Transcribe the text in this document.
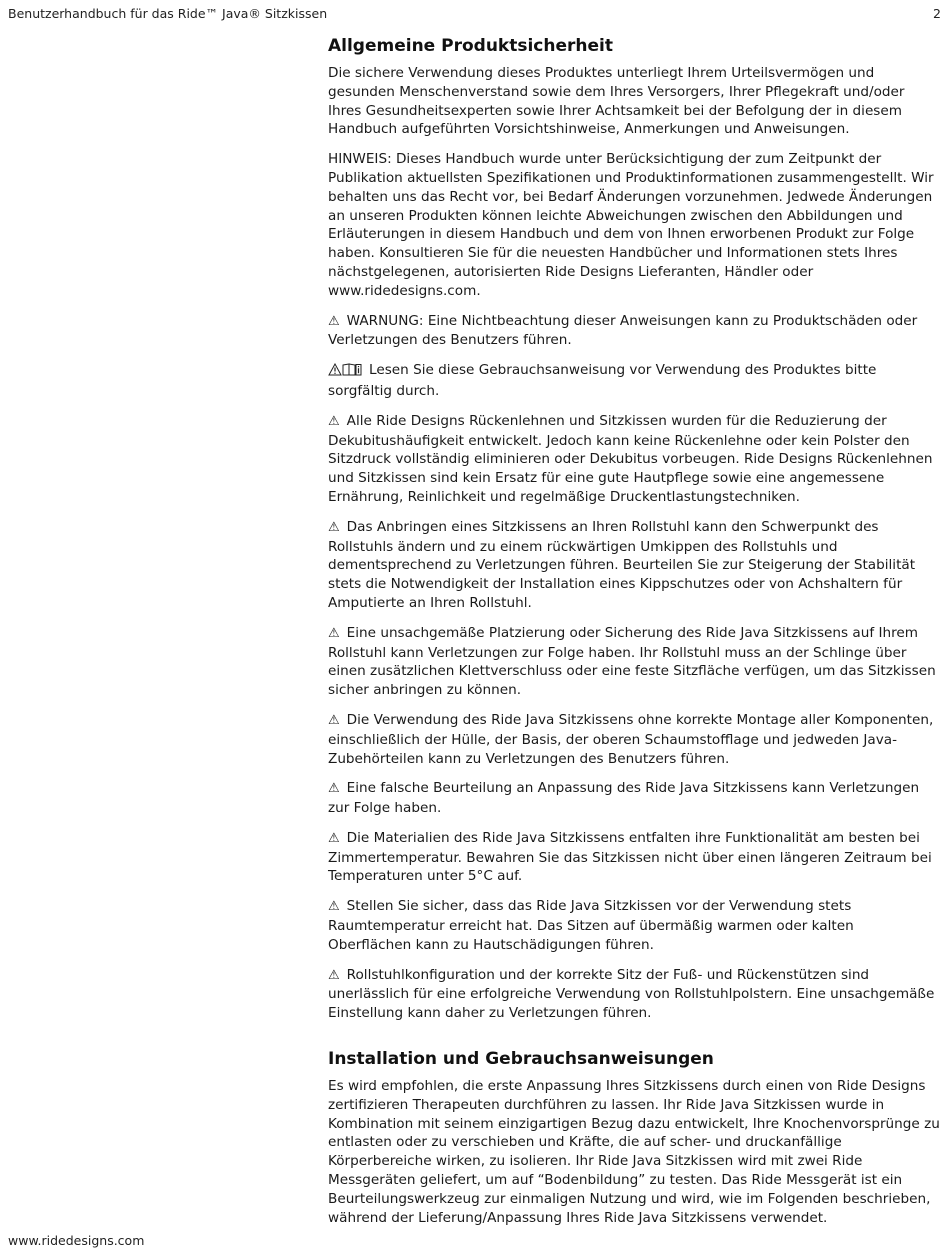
Benutzerhandbuch für das Ride™ Java® Sitzkissen	2
Allgemeine Produktsicherheit

Die sichere Verwendung dieses Produktes unterliegt Ihrem Urteilsvermögen und gesunden Menschenverstand sowie dem Ihres Versorgers, Ihrer Pflegekraft und/oder Ihres Gesundheitsexperten sowie Ihrer Achtsamkeit bei der Befolgung der in diesem Handbuch aufgeführten Vorsichtshinweise, Anmerkungen und Anweisungen.

HINWEIS: Dieses Handbuch wurde unter Berücksichtigung der zum Zeitpunkt der Publikation aktuellsten Spezifikationen und Produktinformationen zusammengestellt. Wir behalten uns das Recht vor, bei Bedarf Änderungen vorzunehmen. Jedwede Änderungen an unseren Produkten können leichte Abweichungen zwischen den Abbildungen und Erläuterungen in diesem Handbuch und dem von Ihnen erworbenen Produkt zur Folge haben. Konsultieren Sie für die neuesten Handbücher und Informationen stets Ihres nächstgelegenen, autorisierten Ride Designs Lieferanten, Händler oder www.ridedesigns.com.

⚠ WARNUNG: Eine Nichtbeachtung dieser Anweisungen kann zu Produktschäden oder Verletzungen des Benutzers führen.

Lesen Sie diese Gebrauchsanweisung vor Verwendung des Produktes bitte sorgfältig durch.

⚠ Alle Ride Designs Rückenlehnen und Sitzkissen wurden für die Reduzierung der Dekubitushäufigkeit entwickelt. Jedoch kann keine Rückenlehne oder kein Polster den Sitzdruck vollständig eliminieren oder Dekubitus vorbeugen. Ride Designs Rückenlehnen und Sitzkissen sind kein Ersatz für eine gute Hautpflege sowie eine angemessene Ernährung, Reinlichkeit und regelmäßige Druckentlastungstechniken.

⚠ Das Anbringen eines Sitzkissens an Ihren Rollstuhl kann den Schwerpunkt des Rollstuhls ändern und zu einem rückwärtigen Umkippen des Rollstuhls und dementsprechend zu Verletzungen führen. Beurteilen Sie zur Steigerung der Stabilität stets die Notwendigkeit der Installation eines Kippschutzes oder von Achshaltern für Amputierte an Ihren Rollstuhl.

⚠ Eine unsachgemäße Platzierung oder Sicherung des Ride Java Sitzkissens auf Ihrem Rollstuhl kann Verletzungen zur Folge haben. Ihr Rollstuhl muss an der Schlinge über einen zusätzlichen Klettverschluss oder eine feste Sitzfläche verfügen, um das Sitzkissen sicher anbringen zu können.

⚠ Die Verwendung des Ride Java Sitzkissens ohne korrekte Montage aller Komponenten, einschließlich der Hülle, der Basis, der oberen Schaumstofflage und jedweden Java-Zubehörteilen kann zu Verletzungen des Benutzers führen.

⚠ Eine falsche Beurteilung an Anpassung des Ride Java Sitzkissens kann Verletzungen zur Folge haben.

⚠ Die Materialien des Ride Java Sitzkissens entfalten ihre Funktionalität am besten bei Zimmertemperatur. Bewahren Sie das Sitzkissen nicht über einen längeren Zeitraum bei Temperaturen unter 5°C auf.

⚠ Stellen Sie sicher, dass das Ride Java Sitzkissen vor der Verwendung stets Raumtemperatur erreicht hat. Das Sitzen auf übermäßig warmen oder kalten Oberflächen kann zu Hautschädigungen führen.

⚠ Rollstuhlkonfiguration und der korrekte Sitz der Fuß- und Rückenstützen sind unerlässlich für eine erfolgreiche Verwendung von Rollstuhlpolstern. Eine unsachgemäße Einstellung kann daher zu Verletzungen führen.

Installation und Gebrauchsanweisungen

Es wird empfohlen, die erste Anpassung Ihres Sitzkissens durch einen von Ride Designs zertifizieren Therapeuten durchführen zu lassen. Ihr Ride Java Sitzkissen wurde in Kombination mit seinem einzigartigen Bezug dazu entwickelt, Ihre Knochenvorsprünge zu entlasten oder zu verschieben und Kräfte, die auf scher- und druckanfällige Körperbereiche wirken, zu isolieren. Ihr Ride Java Sitzkissen wird mit zwei Ride Messgeräten geliefert, um auf “Bodenbildung” zu testen. Das Ride Messgerät ist ein Beurteilungswerkzeug zur einmaligen Nutzung und wird, wie im Folgenden beschrieben, während der Lieferung/Anpassung Ihres Ride Java Sitzkissens verwendet.

www.ridedesigns.com
